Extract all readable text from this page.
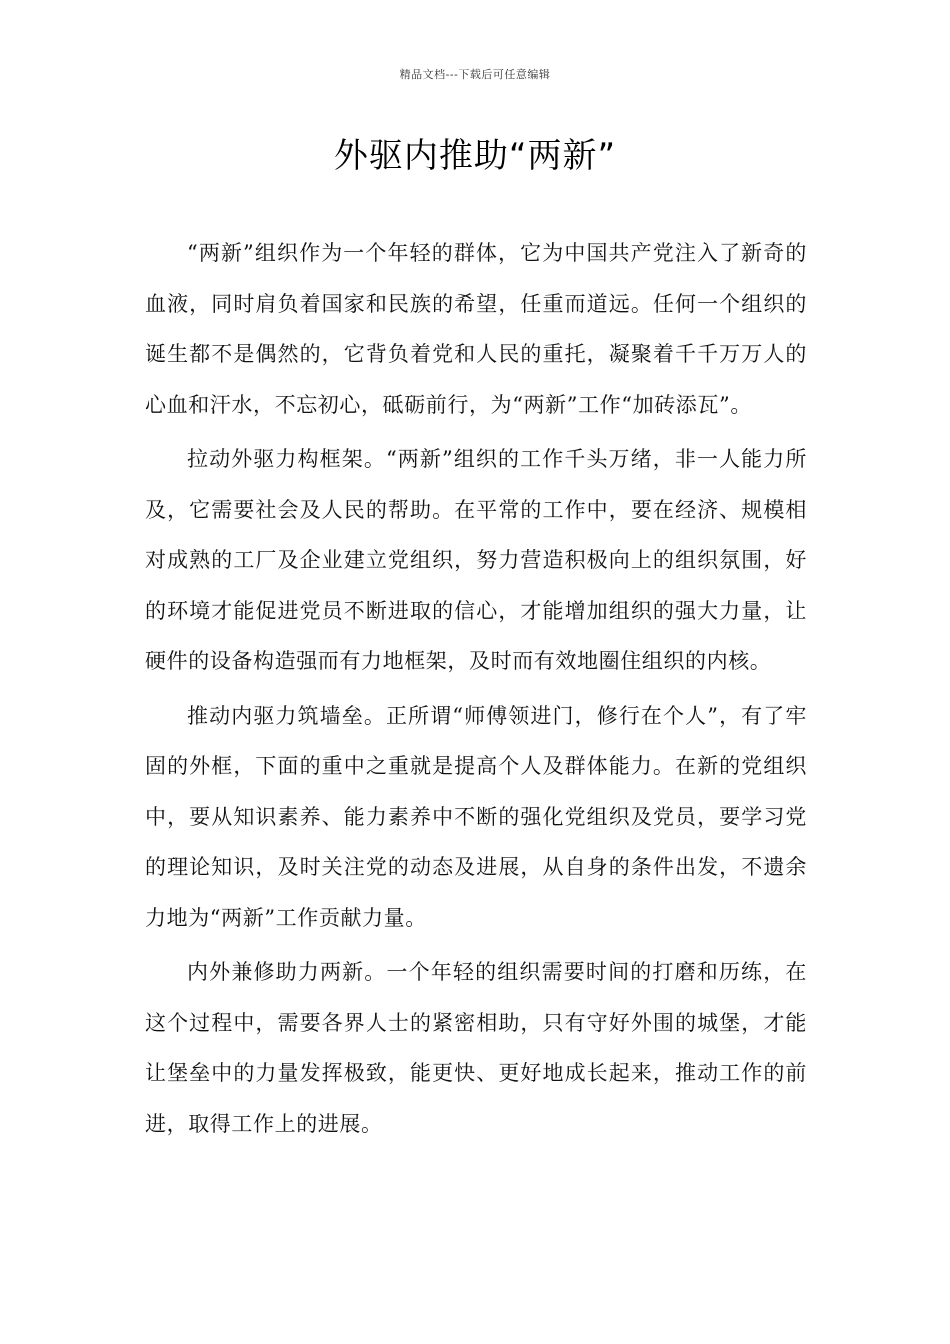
精品文档---下载后可任意编辑
外驱内推助“两新”

“两新”组织作为一个年轻的群体，它为中国共产党注入了新奇的血液，同时肩负着国家和民族的希望，任重而道远。任何一个组织的诞生都不是偶然的，它背负着党和人民的重托，凝聚着千千万万人的心血和汗水，不忘初心，砥砺前行，为“两新”工作“加砖添瓦”。

拉动外驱力构框架。“两新”组织的工作千头万绪，非一人能力所及，它需要社会及人民的帮助。在平常的工作中，要在经济、规模相对成熟的工厂及企业建立党组织，努力营造积极向上的组织氛围，好的环境才能促进党员不断进取的信心，才能增加组织的强大力量，让硬件的设备构造强而有力地框架，及时而有效地圈住组织的内核。

推动内驱力筑墙垒。正所谓“师傅领进门，修行在个人”，有了牢固的外框，下面的重中之重就是提高个人及群体能力。在新的党组织中，要从知识素养、能力素养中不断的强化党组织及党员，要学习党的理论知识，及时关注党的动态及进展，从自身的条件出发，不遗余力地为“两新”工作贡献力量。

内外兼修助力两新。一个年轻的组织需要时间的打磨和历练，在这个过程中，需要各界人士的紧密相助，只有守好外围的城堡，才能让堡垒中的力量发挥极致，能更快、更好地成长起来，推动工作的前进，取得工作上的进展。
